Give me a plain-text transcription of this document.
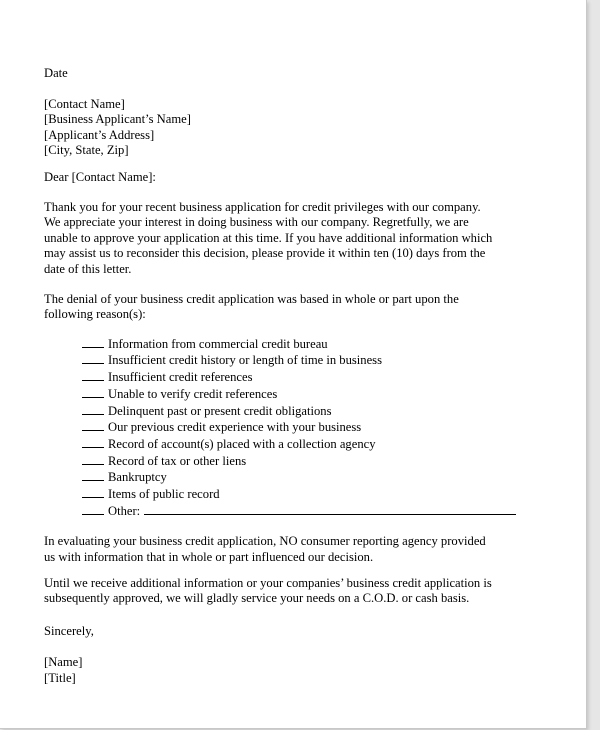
Date

[Contact Name]
[Business Applicant’s Name]
[Applicant’s Address]
[City, State, Zip]

Dear [Contact Name]:

Thank you for your recent business application for credit privileges with our company.
We appreciate your interest in doing business with our company. Regretfully, we are
unable to approve your application at this time. If you have additional information which
may assist us to reconsider this decision, please provide it within ten (10) days from the
date of this letter.

The denial of your business credit application was based in whole or part upon the
following reason(s):

Information from commercial credit bureau
Insufficient credit history or length of time in business
Insufficient credit references
Unable to verify credit references
Delinquent past or present credit obligations
Our previous credit experience with your business
Record of account(s) placed with a collection agency
Record of tax or other liens
Bankruptcy
Items of public record
Other:

In evaluating your business credit application, NO consumer reporting agency provided
us with information that in whole or part influenced our decision.

Until we receive additional information or your companies’ business credit application is
subsequently approved, we will gladly service your needs on a C.O.D. or cash basis.

Sincerely,

[Name]
[Title]
